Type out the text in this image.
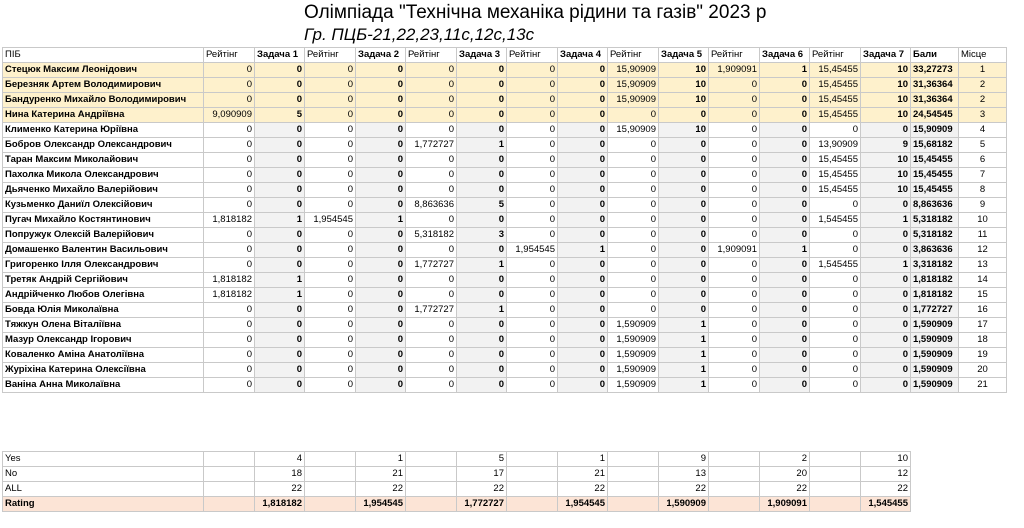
Олімпіада "Технічна механіка рідини та газів" 2023 р
Гр. ПЦБ-21,22,23,11с,12с,13с
ПІБ	Рейтінг	Задача 1	Рейтінг	Задача 2	Рейтінг	Задача 3	Рейтінг	Задача 4	Рейтінг	Задача 5	Рейтінг	Задача 6	Рейтінг	Задача 7	Бали	Місце
Стецюк Максим Леонідович	0	0	0	0	0	0	0	0	15,90909	10	1,909091	1	15,45455	10	33,27273	1
Березняк Артем Володимирович	0	0	0	0	0	0	0	0	15,90909	10	0	0	15,45455	10	31,36364	2
Бандуренко Михайло Володимирович	0	0	0	0	0	0	0	0	15,90909	10	0	0	15,45455	10	31,36364	2
Нина Катерина Андріївна	9,090909	5	0	0	0	0	0	0	0	0	0	0	15,45455	10	24,54545	3
Клименко Катерина Юріївна	0	0	0	0	0	0	0	0	15,90909	10	0	0	0	0	15,90909	4
Бобров Олександр Олександрович	0	0	0	0	1,772727	1	0	0	0	0	0	0	13,90909	9	15,68182	5
Таран Максим Миколайович	0	0	0	0	0	0	0	0	0	0	0	0	15,45455	10	15,45455	6
Пахолка Микола Олександрович	0	0	0	0	0	0	0	0	0	0	0	0	15,45455	10	15,45455	7
Дьяченко Михайло Валерійович	0	0	0	0	0	0	0	0	0	0	0	0	15,45455	10	15,45455	8
Кузьменко Даниїл Олексійович	0	0	0	0	8,863636	5	0	0	0	0	0	0	0	0	8,863636	9
Пугач Михайло Костянтинович	1,818182	1	1,954545	1	0	0	0	0	0	0	0	0	1,545455	1	5,318182	10
Попружук Олексій Валерійович	0	0	0	0	5,318182	3	0	0	0	0	0	0	0	0	5,318182	11
Домашенко Валентин Васильович	0	0	0	0	0	0	1,954545	1	0	0	1,909091	1	0	0	3,863636	12
Григоренко Ілля Олександрович	0	0	0	0	1,772727	1	0	0	0	0	0	0	1,545455	1	3,318182	13
Третяк Андрій Сергійович	1,818182	1	0	0	0	0	0	0	0	0	0	0	0	0	1,818182	14
Андрійченко Любов Олегівна	1,818182	1	0	0	0	0	0	0	0	0	0	0	0	0	1,818182	15
Бовда Юлія Миколаївна	0	0	0	0	1,772727	1	0	0	0	0	0	0	0	0	1,772727	16
Тяжкун Олена Віталіївна	0	0	0	0	0	0	0	0	1,590909	1	0	0	0	0	1,590909	17
Мазур Олександр Ігорович	0	0	0	0	0	0	0	0	1,590909	1	0	0	0	0	1,590909	18
Коваленко Аміна Анатоліївна	0	0	0	0	0	0	0	0	1,590909	1	0	0	0	0	1,590909	19
Журіхіна Катерина Олексіївна	0	0	0	0	0	0	0	0	1,590909	1	0	0	0	0	1,590909	20
Ваніна Анна Миколаївна	0	0	0	0	0	0	0	0	1,590909	1	0	0	0	0	1,590909	21
Yes		4		1		5		1		9		2		10
No		18		21		17		21		13		20		12
ALL		22		22		22		22		22		22		22
Rating		1,818182		1,954545		1,772727		1,954545		1,590909		1,909091		1,545455
